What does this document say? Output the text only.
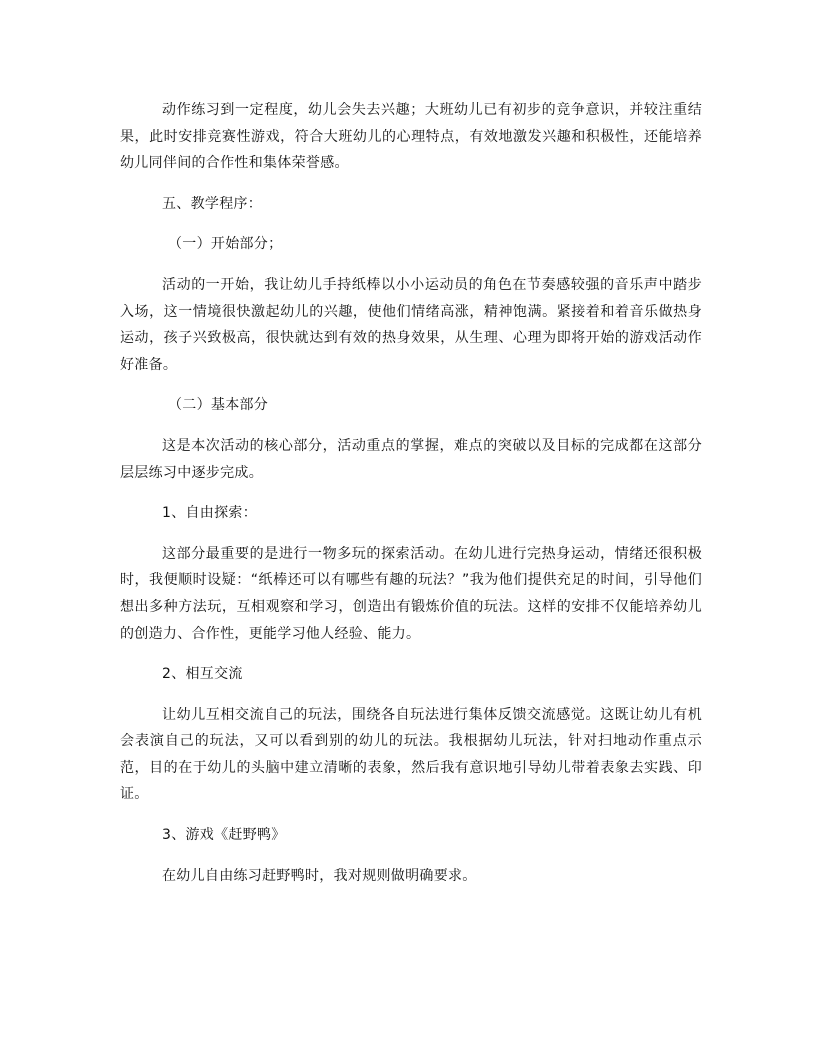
动作练习到一定程度，幼儿会失去兴趣；大班幼儿已有初步的竞争意识，并较注重结果，此时安排竞赛性游戏，符合大班幼儿的心理特点，有效地激发兴趣和积极性，还能培养幼儿同伴间的合作性和集体荣誉感。

五、教学程序：

（一）开始部分；

活动的一开始，我让幼儿手持纸棒以小小运动员的角色在节奏感较强的音乐声中踏步入场，这一情境很快激起幼儿的兴趣，使他们情绪高涨，精神饱满。紧接着和着音乐做热身运动，孩子兴致极高，很快就达到有效的热身效果，从生理、心理为即将开始的游戏活动作好准备。

（二）基本部分

这是本次活动的核心部分，活动重点的掌握，难点的突破以及目标的完成都在这部分层层练习中逐步完成。

1、自由探索：

这部分最重要的是进行一物多玩的探索活动。在幼儿进行完热身运动，情绪还很积极时，我便顺时设疑：“纸棒还可以有哪些有趣的玩法？”我为他们提供充足的时间，引导他们想出多种方法玩，互相观察和学习，创造出有锻炼价值的玩法。这样的安排不仅能培养幼儿的创造力、合作性，更能学习他人经验、能力。

2、相互交流

让幼儿互相交流自己的玩法，围绕各自玩法进行集体反馈交流感觉。这既让幼儿有机会表演自己的玩法，又可以看到别的幼儿的玩法。我根据幼儿玩法，针对扫地动作重点示范，目的在于幼儿的头脑中建立清晰的表象，然后我有意识地引导幼儿带着表象去实践、印证。

3、游戏《赶野鸭》

在幼儿自由练习赶野鸭时，我对规则做明确要求。
